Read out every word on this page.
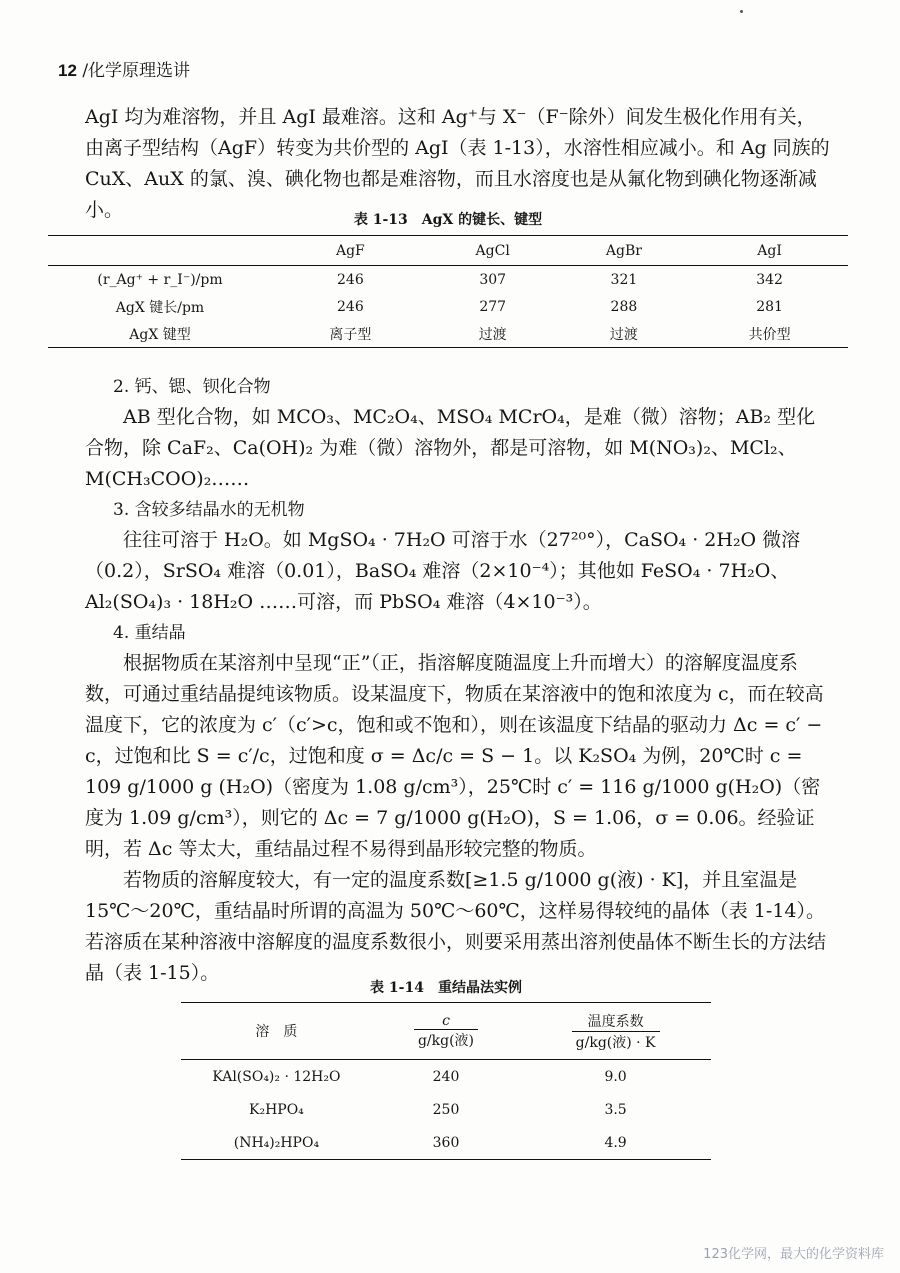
12 /化学原理选讲

AgI 均为难溶物，并且 AgI 最难溶。这和 Ag⁺与 X⁻（F⁻除外）间发生极化作用有关，由离子型结构（AgF）转变为共价型的 AgI（表 1-13），水溶性相应减小。和 Ag 同族的 CuX、AuX 的氯、溴、碘化物也都是难溶物，而且水溶度也是从氟化物到碘化物逐渐减小。	表 1-13　AgX 的键长、键型
	AgF	AgCl	AgBr	AgI
(r_Ag⁺ + r_I⁻)/pm	246	307	321	342
AgX 键长/pm	246	277	288	281
AgX 键型	离子型	过渡	过渡	共价型

2. 钙、锶、钡化合物

AB 型化合物，如 MCO₃、MC₂O₄、MSO₄ MCrO₄，是难（微）溶物；AB₂ 型化合物，除 CaF₂、Ca(OH)₂ 为难（微）溶物外，都是可溶物，如 M(NO₃)₂、MCl₂、M(CH₃COO)₂……

3. 含较多结晶水的无机物

往往可溶于 H₂O。如 MgSO₄ · 7H₂O 可溶于水（27²⁰°），CaSO₄ · 2H₂O 微溶（0.2），SrSO₄ 难溶（0.01），BaSO₄ 难溶（2×10⁻⁴）；其他如 FeSO₄ · 7H₂O、Al₂(SO₄)₃ · 18H₂O ……可溶，而 PbSO₄ 难溶（4×10⁻³）。

4. 重结晶

根据物质在某溶剂中呈现“正”（正，指溶解度随温度上升而增大）的溶解度温度系数，可通过重结晶提纯该物质。设某温度下，物质在某溶液中的饱和浓度为 c，而在较高温度下，它的浓度为 c′（c′>c，饱和或不饱和），则在该温度下结晶的驱动力 Δc = c′ − c，过饱和比 S = c′/c，过饱和度 σ = Δc/c = S − 1。以 K₂SO₄ 为例，20℃时 c = 109 g/1000 g (H₂O)（密度为 1.08 g/cm³），25℃时 c′ = 116 g/1000 g(H₂O)（密度为 1.09 g/cm³），则它的 Δc = 7 g/1000 g(H₂O)，S = 1.06，σ = 0.06。经验证明，若 Δc 等太大，重结晶过程不易得到晶形较完整的物质。

若物质的溶解度较大，有一定的温度系数[≥1.5 g/1000 g(液) · K]，并且室温是 15℃～20℃，重结晶时所谓的高温为 50℃～60℃，这样易得较纯的晶体（表 1-14）。若溶质在某种溶液中溶解度的温度系数很小，则要采用蒸出溶剂使晶体不断生长的方法结晶（表 1-15）。

表 1-14　重结晶法实例
溶　质	$\frac{c}{\text{g/kg(液)}}$	$\frac{\text{温度系数}}{\text{g/kg(液) · K}}$

KAl(SO₄)₂ · 12H₂O	240	9.0
K₂HPO₄	250	3.5
(NH₄)₂HPO₄	360	4.9
123化学网，最大的化学资料库
